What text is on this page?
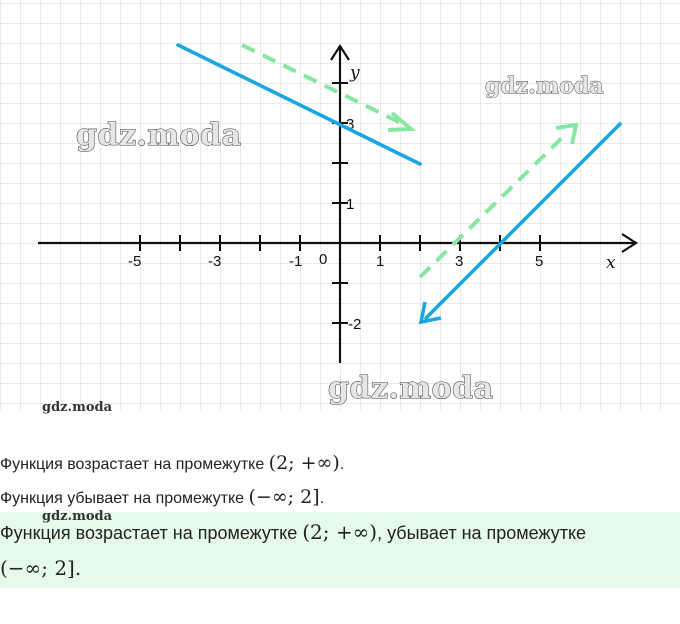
-5	-3	-1 0	1	3	5	x
y
3
1
-2
gdz.moda
gdz.moda
gdz.moda
gdz.moda
Функция возрастает на промежутке (2; +∞).
Функция убывает на промежутке (−∞; 2].
Функция возрастает на промежутке (2; +∞), убывает на промежутке
(−∞; 2].
gdz.moda
